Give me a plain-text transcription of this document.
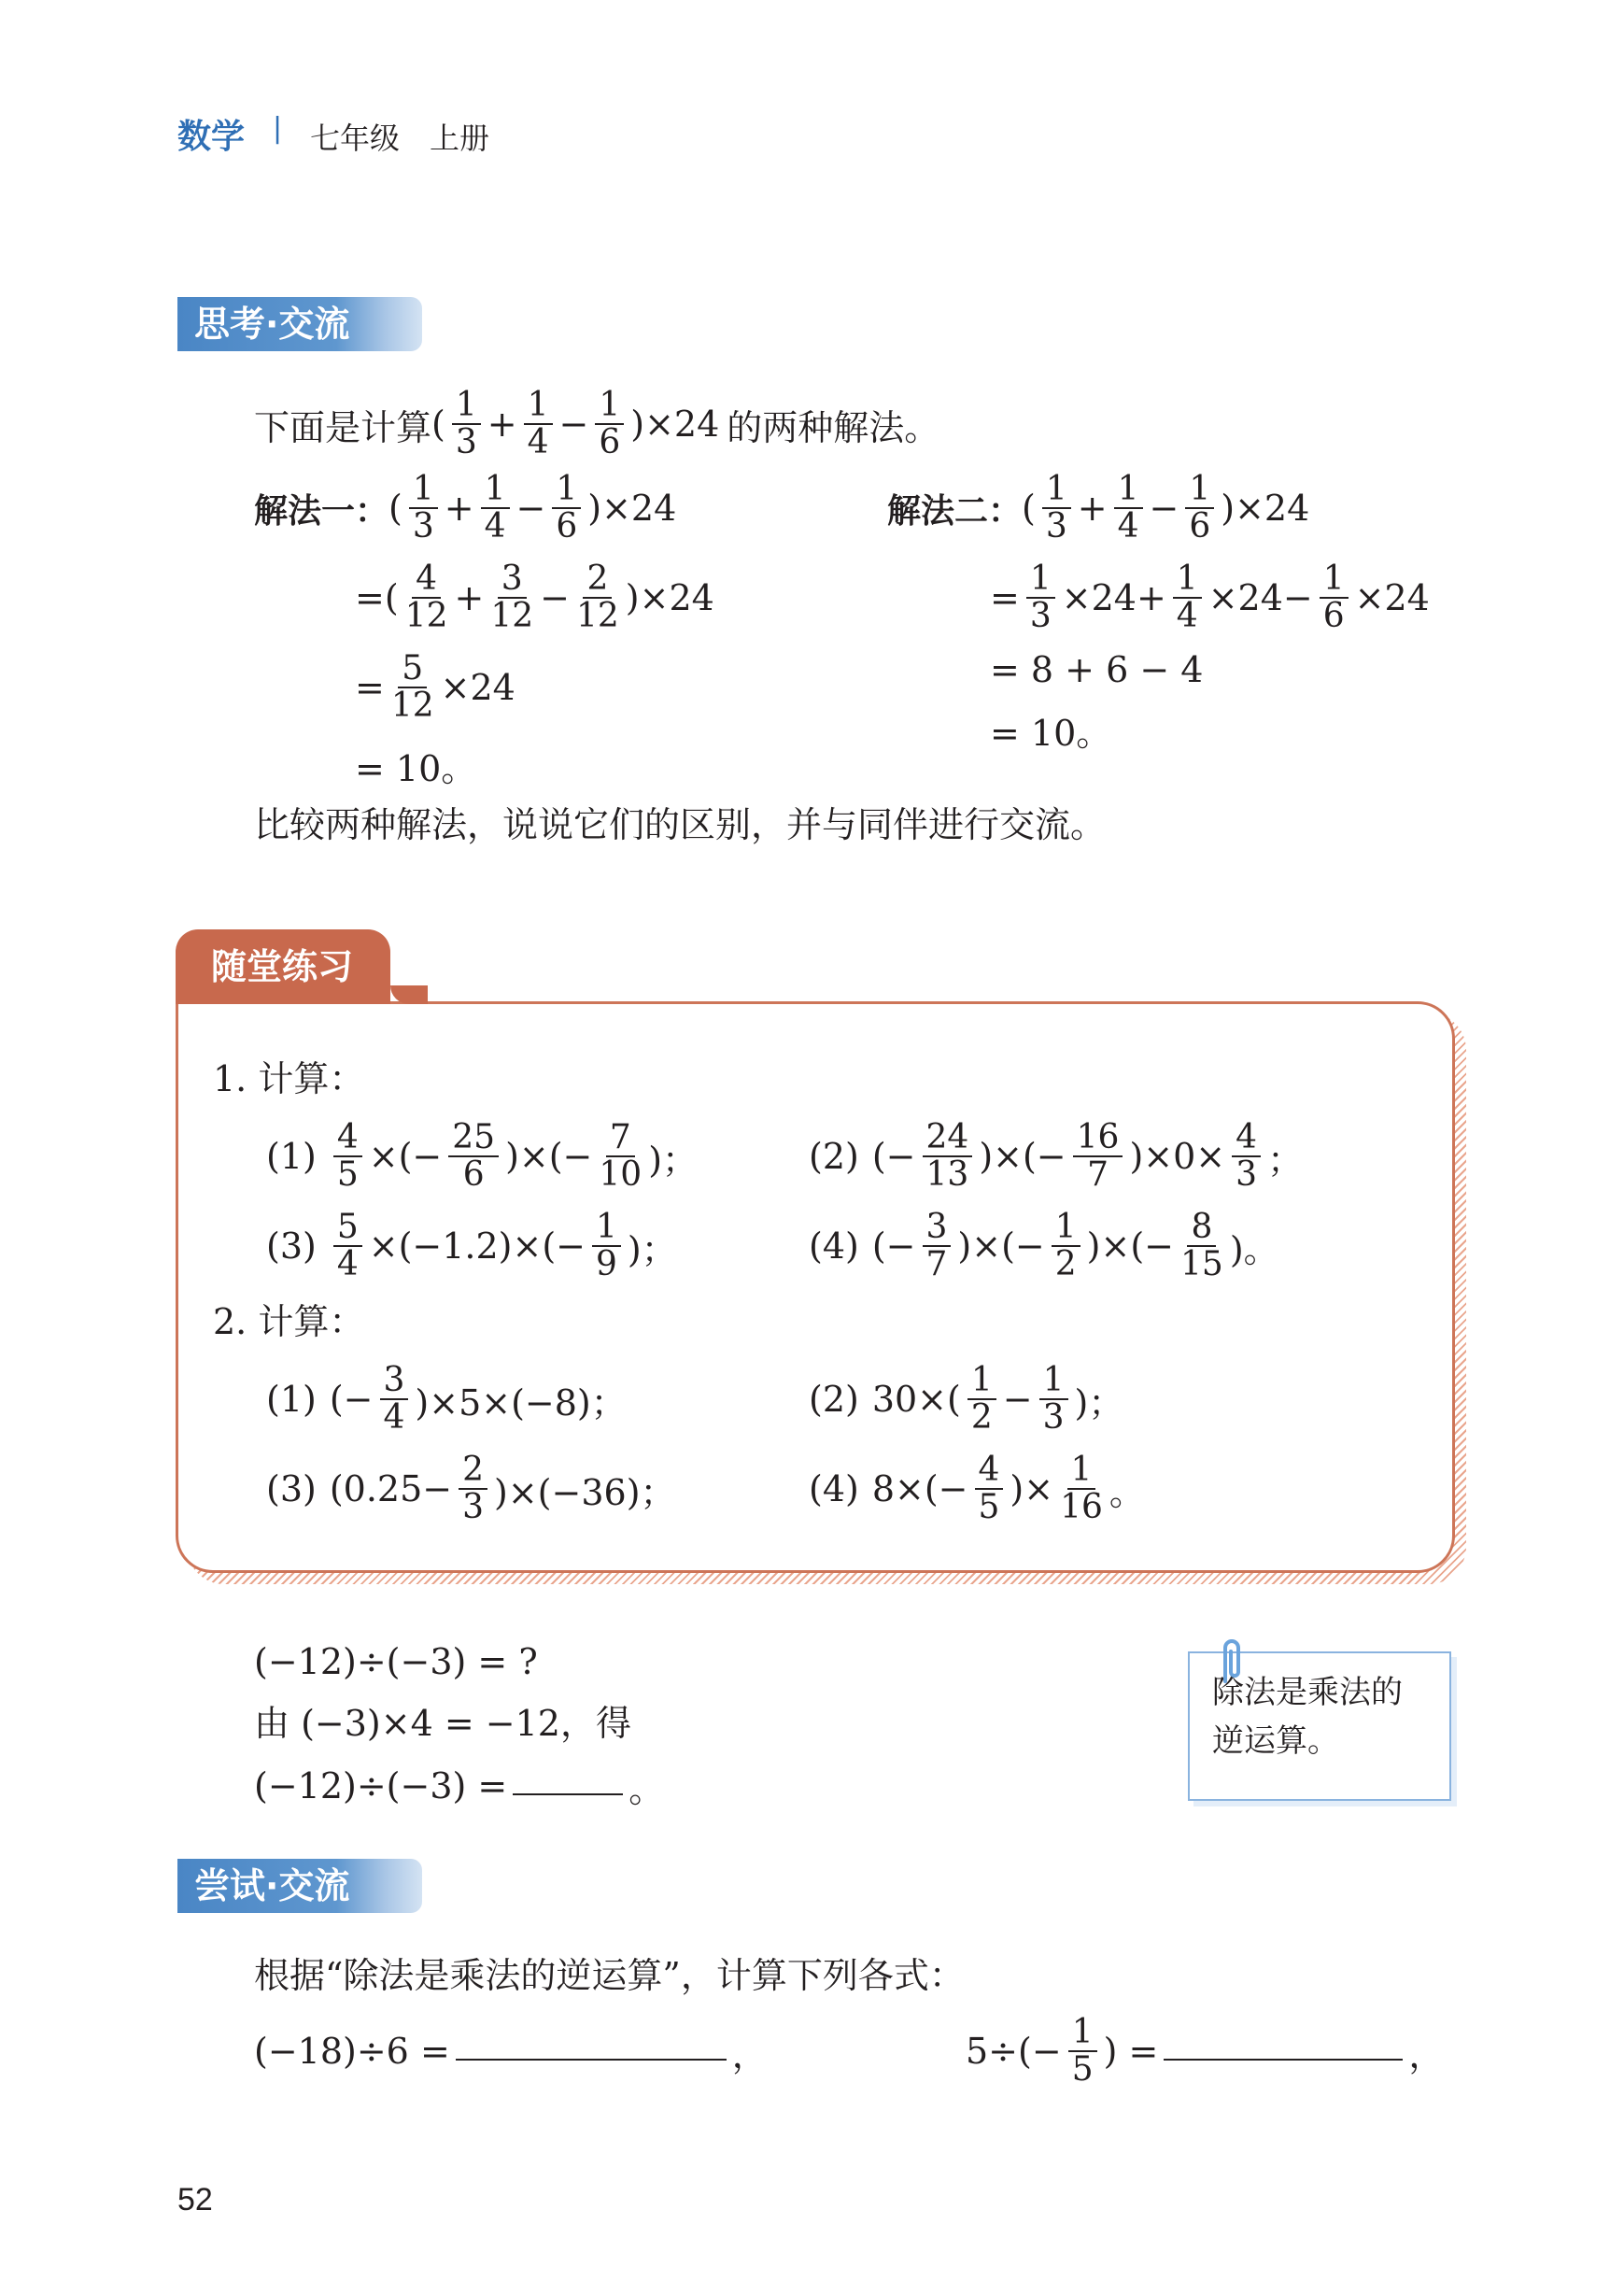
数学 | 七年级 上册
思考·交流
下面是计算 ( $\frac{1}{3} + \frac{1}{4} - \frac{1}{6} )\times 24$ 的两种解法。
解法一： ( $\frac{1}{3} + \frac{1}{4} - \frac{1}{6} )\times 24$
=( $\frac{4}{12} + \frac{3}{12} - \frac{2}{12} )\times 24$
= $\frac{5}{12} \times 24$
= 10。
解法二： ( $\frac{1}{3} + \frac{1}{4} - \frac{1}{6} )\times 24$
= $\frac{1}{3} \times 24+ \frac{1}{4} \times 24- \frac{1}{6} \times 24$
= 8 + 6 − 4
= 10。
比较两种解法，说说它们的区别，并与同伴进行交流。
随堂练习
1. 计算：
$(1) \frac{4}{5}$ ×(− $\frac{25}{6}$ )×(− $\frac{7}{10}$ )；	(2) (− $\frac{24}{13}$ )×(− $\frac{16}{7} )\times 0\times \frac{4}{3}$ ；
$(3) \frac{5}{4} \times(-1.2)\times(- \frac{1}{9}$ )；	(4) (− $\frac{3}{7}$ )×(− $\frac{1}{2}$ )×(− $\frac{8}{15}$ )。
2. 计算：
(1) (− $\frac{3}{4} )\times 5\times(-8)$；	(2) $30\times( \frac{1}{2} - \frac{1}{3}$ )；
(3) $(0.25- \frac{2}{3} )\times(-36)$；	(4) $8\times(- \frac{4}{5}$ )× $\frac{1}{16}$ 。
(−12)÷(−3) = ?
由 (−3)×4 = −12，得
(−12)÷(−3) =	。
除法是乘法的逆运算。
尝试·交流
根据“除法是乘法的逆运算”，计算下列各式：
(−18)÷6 =	，	$5\div(- \frac{1}{5}$ ) =	，
52
